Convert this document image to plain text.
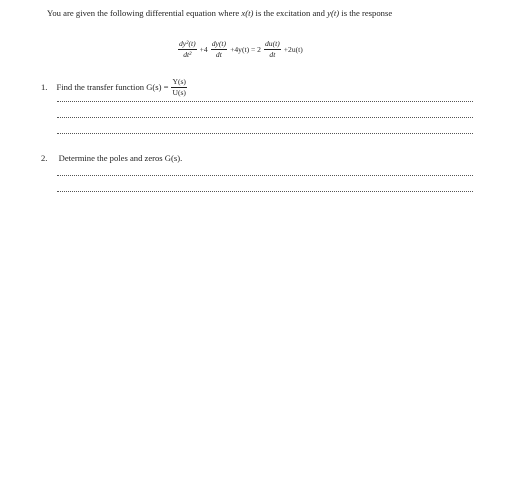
You are given the following differential equation where x(t) is the excitation and y(t) is the response
$\frac{\text{dy²(t)}}{\text{dt²}} +4 \frac{dy(t)}{dt} +4y(t) = 2 \frac{du(t)}{dt} +2u(t)$
1. Find the transfer function $G(s) = \frac{Y(s)}{U(s)}$
2. Determine the poles and zeros G(s).
